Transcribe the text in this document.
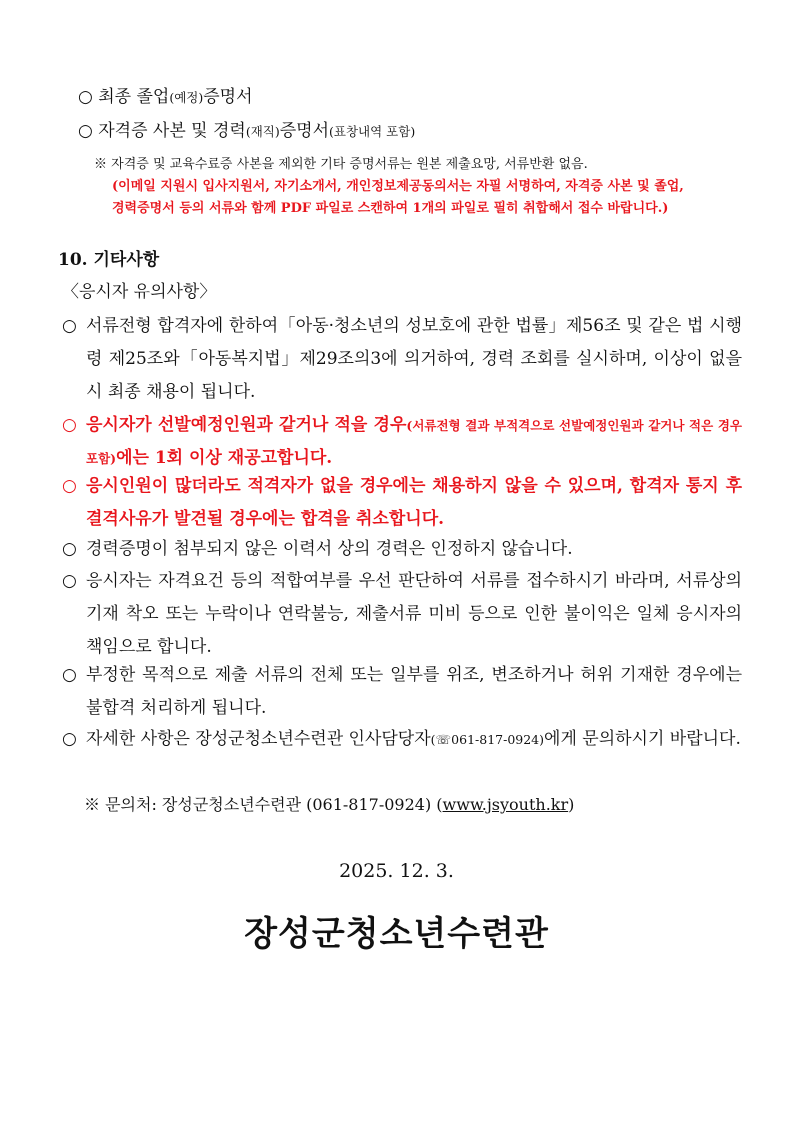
○ 최종 졸업(예정)증명서
○ 자격증 사본 및 경력(재직)증명서(표창내역 포함)
※ 자격증 및 교육수료증 사본을 제외한 기타 증명서류는 원본 제출요망, 서류반환 없음.
(이메일 지원시 입사지원서, 자기소개서, 개인정보제공동의서는 자필 서명하여, 자격증 사본 및 졸업,
경력증명서 등의 서류와 함께 PDF 파일로 스캔하여 1개의 파일로 필히 취합해서 접수 바랍니다.)
10. 기타사항
〈응시자 유의사항〉
○ 서류전형 합격자에 한하여「아동·청소년의 성보호에 관한 법률」제56조 및 같은 법 시행령 제25조와「아동복지법」제29조의3에 의거하여, 경력 조회를 실시하며, 이상이 없을시 최종 채용이 됩니다.
○ 응시자가 선발예정인원과 같거나 적을 경우(서류전형 결과 부적격으로 선발예정인원과 같거나 적은 경우 포함)에는 1회 이상 재공고합니다.
○ 응시인원이 많더라도 적격자가 없을 경우에는 채용하지 않을 수 있으며, 합격자 통지 후 결격사유가 발견될 경우에는 합격을 취소합니다.
○ 경력증명이 첨부되지 않은 이력서 상의 경력은 인정하지 않습니다.
○ 응시자는 자격요건 등의 적합여부를 우선 판단하여 서류를 접수하시기 바라며, 서류상의 기재 착오 또는 누락이나 연락불능, 제출서류 미비 등으로 인한 불이익은 일체 응시자의 책임으로 합니다.
○ 부정한 목적으로 제출 서류의 전체 또는 일부를 위조, 변조하거나 허위 기재한 경우에는 불합격 처리하게 됩니다.
○ 자세한 사항은 장성군청소년수련관 인사담당자(☏061-817-0924)에게 문의하시기 바랍니다.
※ 문의처: 장성군청소년수련관 (061-817-0924) (www.jsyouth.kr)
2025. 12. 3.
장성군청소년수련관
